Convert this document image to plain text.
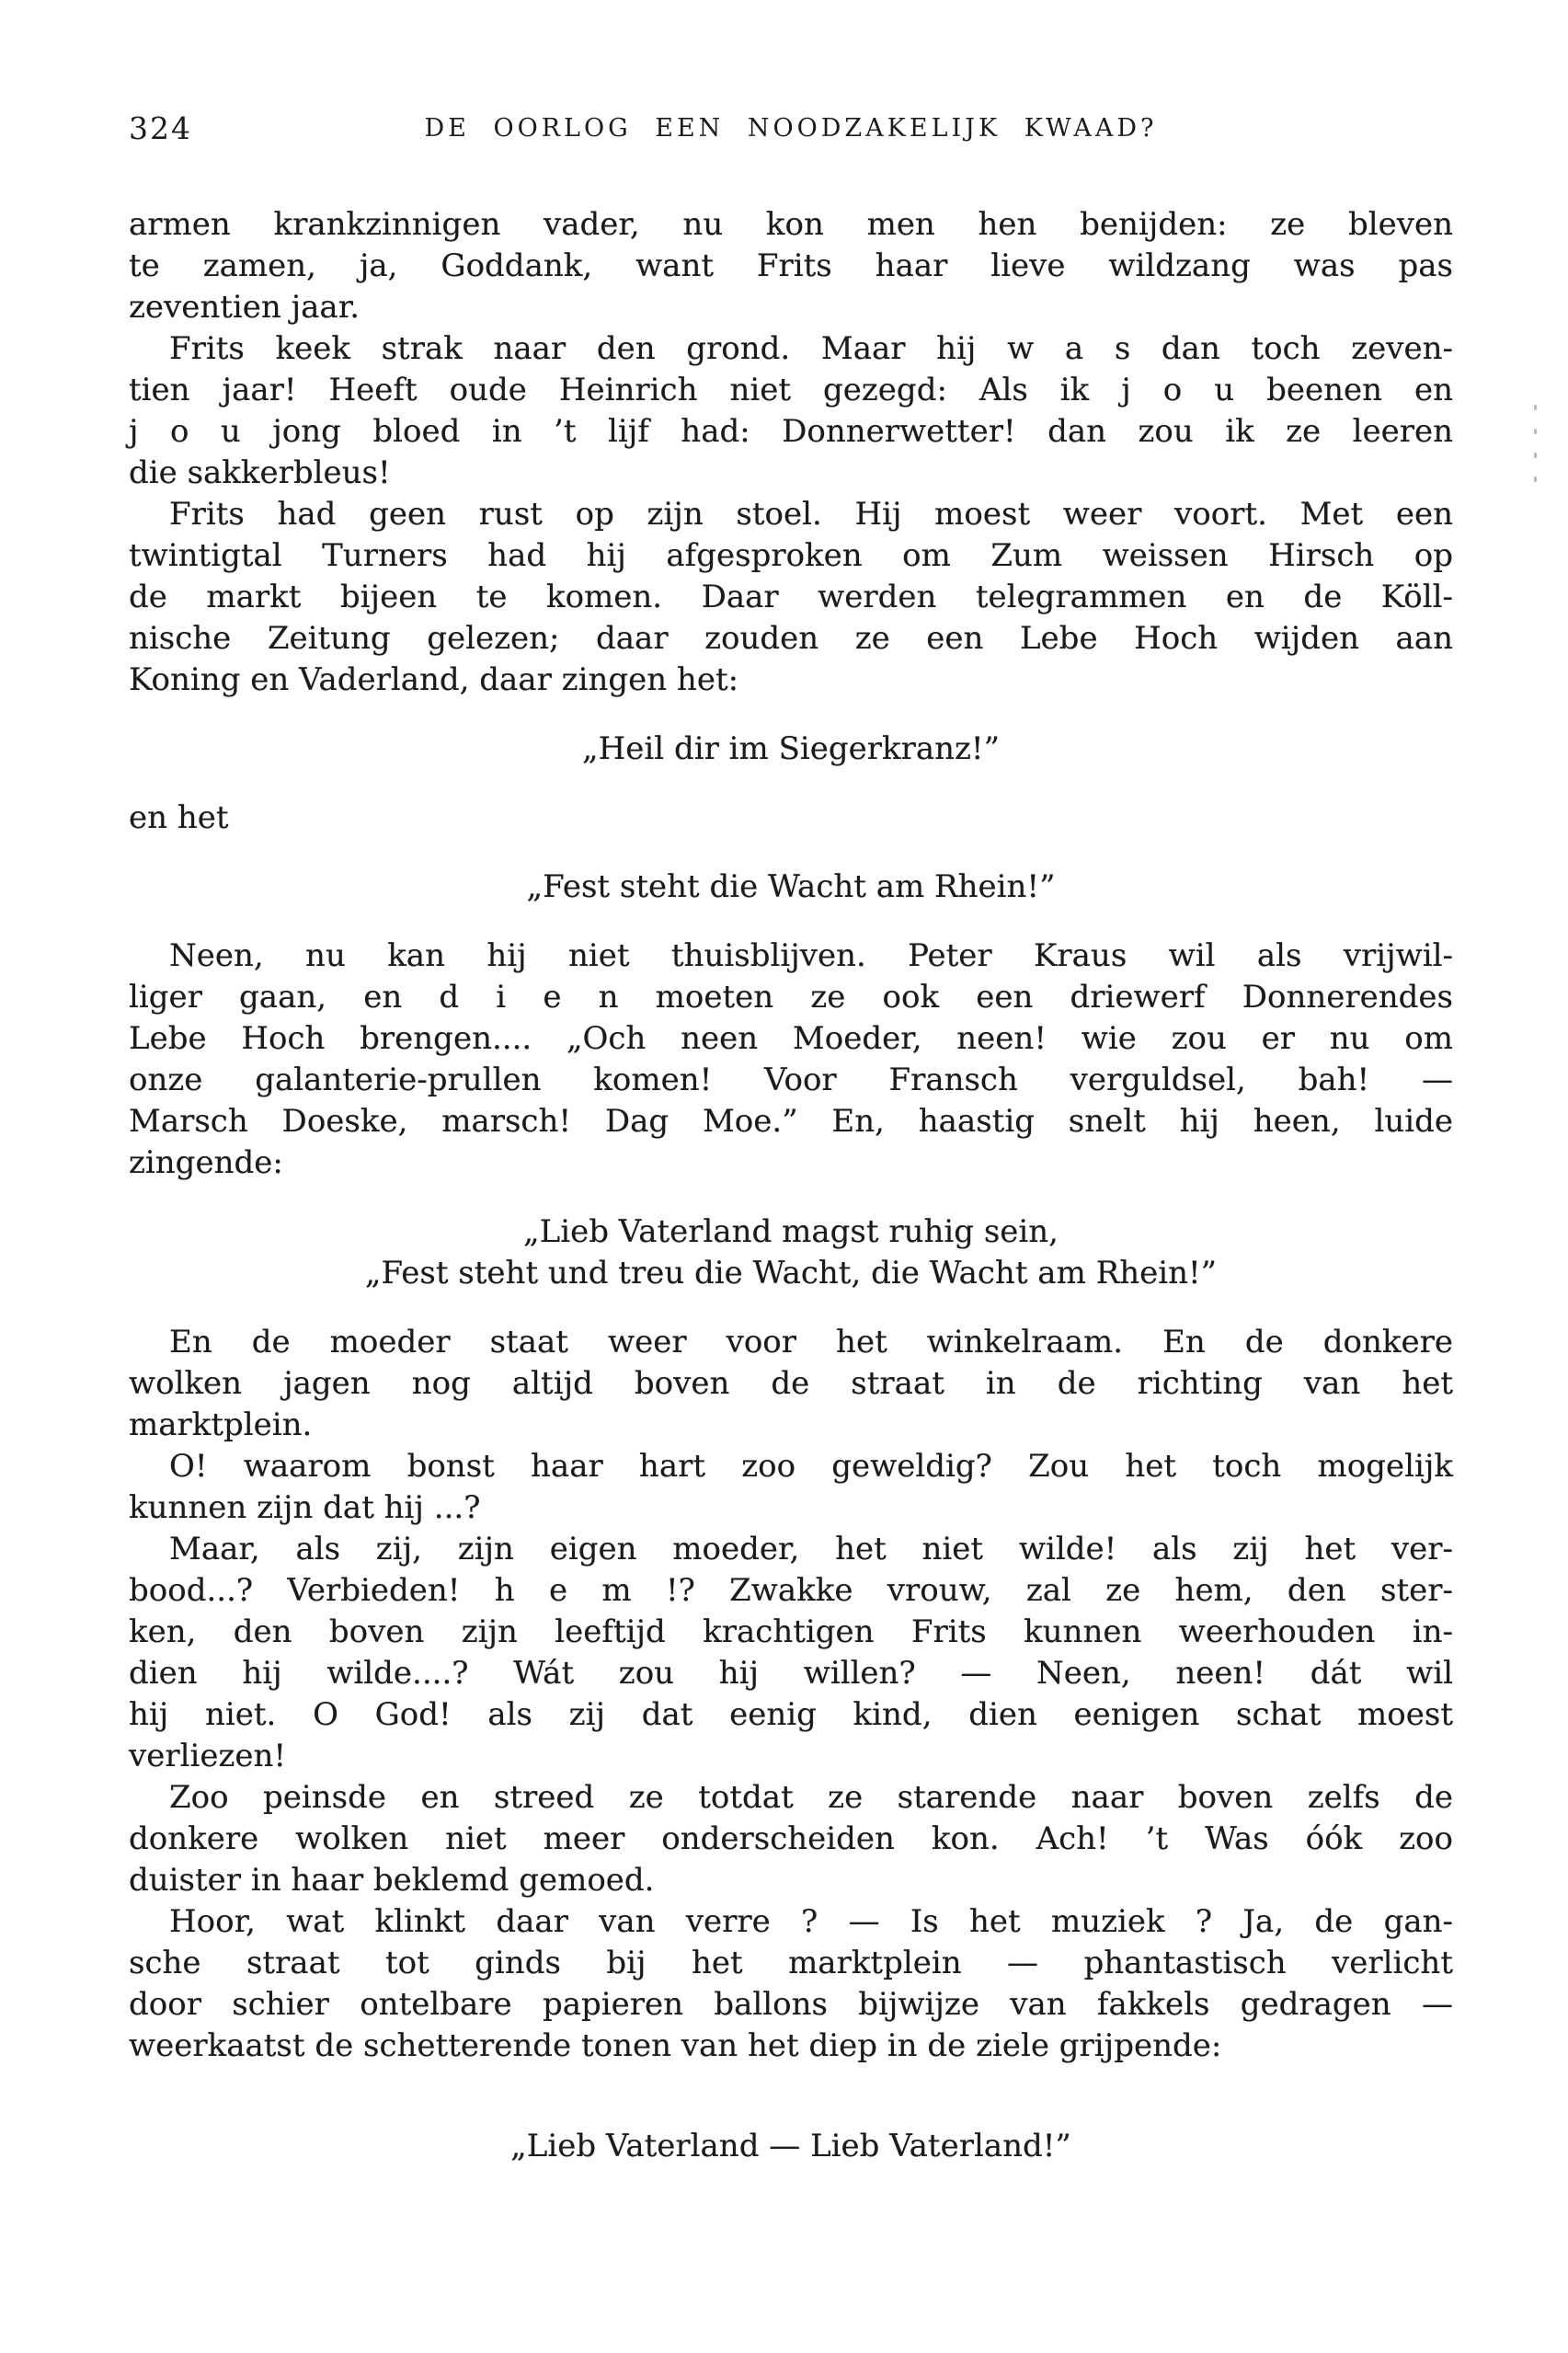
324	DE OORLOG EEN NOODZAKELIJK KWAAD?
armen krankzinnigen vader, nu kon men hen benijden: ze bleven
te zamen, ja, Goddank, want Frits haar lieve wildzang was pas
zeventien jaar.
Frits keek strak naar den grond. Maar hij w a s dan toch zeven-
tien jaar! Heeft oude Heinrich niet gezegd: Als ik j o u beenen en
j o u jong bloed in ’t lijf had: Donnerwetter! dan zou ik ze leeren
die sakkerbleus!
Frits had geen rust op zijn stoel. Hij moest weer voort. Met een
twintigtal Turners had hij afgesproken om Zum weissen Hirsch op
de markt bijeen te komen. Daar werden telegrammen en de Köll-
nische Zeitung gelezen; daar zouden ze een Lebe Hoch wijden aan
Koning en Vaderland, daar zingen het:
„Heil dir im Siegerkranz!”
en het
„Fest steht die Wacht am Rhein!”
Neen, nu kan hij niet thuisblijven. Peter Kraus wil als vrijwil-
liger gaan, en d i e n moeten ze ook een driewerf Donnerendes
Lebe Hoch brengen.... „Och neen Moeder, neen! wie zou er nu om
onze galanterie-prullen komen! Voor Fransch verguldsel, bah! —
Marsch Doeske, marsch! Dag Moe.” En, haastig snelt hij heen, luide
zingende:
„Lieb Vaterland magst ruhig sein,
„Fest steht und treu die Wacht, die Wacht am Rhein!”
En de moeder staat weer voor het winkelraam. En de donkere
wolken jagen nog altijd boven de straat in de richting van het
marktplein.
O! waarom bonst haar hart zoo geweldig? Zou het toch mogelijk
kunnen zijn dat hij ...?
Maar, als zij, zijn eigen moeder, het niet wilde! als zij het ver-
bood...? Verbieden! h e m !? Zwakke vrouw, zal ze hem, den ster-
ken, den boven zijn leeftijd krachtigen Frits kunnen weerhouden in-
dien hij wilde....? Wát zou hij willen? — Neen, neen! dát wil
hij niet. O God! als zij dat eenig kind, dien eenigen schat moest
verliezen!
Zoo peinsde en streed ze totdat ze starende naar boven zelfs de
donkere wolken niet meer onderscheiden kon. Ach! ’t Was óók zoo
duister in haar beklemd gemoed.
Hoor, wat klinkt daar van verre ? — Is het muziek ? Ja, de gan-
sche straat tot ginds bij het marktplein — phantastisch verlicht
door schier ontelbare papieren ballons bijwijze van fakkels gedragen —
weerkaatst de schetterende tonen van het diep in de ziele grijpende:
„Lieb Vaterland — Lieb Vaterland!”
